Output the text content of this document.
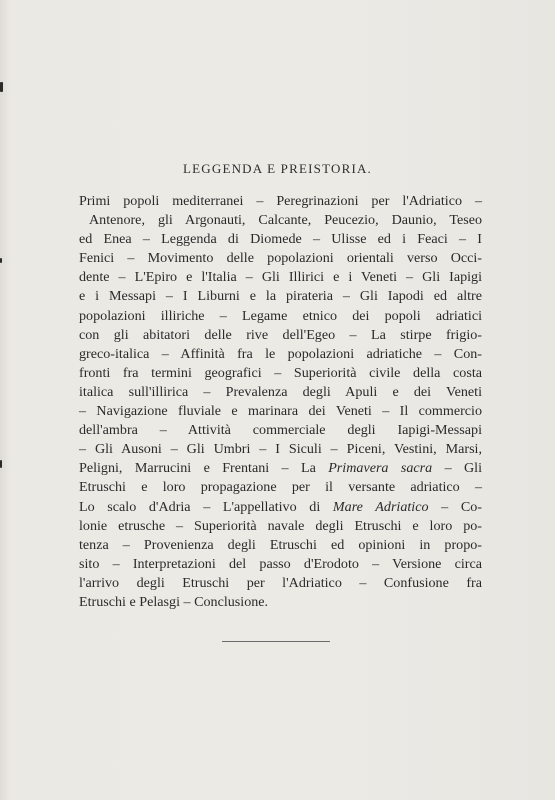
LEGGENDA E PREISTORIA.
Primi popoli mediterranei – Peregrinazioni per l'Adriatico –
Antenore, gli Argonauti, Calcante, Peucezio, Daunio, Teseo
ed Enea – Leggenda di Diomede – Ulisse ed i Feaci – I
Fenici – Movimento delle popolazioni orientali verso Occi-
dente – L'Epiro e l'Italia – Gli Illirici e i Veneti – Gli Iapigi
e i Messapi – I Liburni e la pirateria – Gli Iapodi ed altre
popolazioni illiriche – Legame etnico dei popoli adriatici
con gli abitatori delle rive dell'Egeo – La stirpe frigio-
greco-italica – Affinità fra le popolazioni adriatiche – Con-
fronti fra termini geografici – Superiorità civile della costa
italica sull'illirica – Prevalenza degli Apuli e dei Veneti
– Navigazione fluviale e marinara dei Veneti – Il commercio
dell'ambra – Attività commerciale degli Iapigi-Messapi
– Gli Ausoni – Gli Umbri – I Siculi – Piceni, Vestini, Marsi,
Peligni, Marrucini e Frentani – La Primavera sacra – Gli
Etruschi e loro propagazione per il versante adriatico –
Lo scalo d'Adria – L'appellativo di Mare Adriatico – Co-
lonie etrusche – Superiorità navale degli Etruschi e loro po-
tenza – Provenienza degli Etruschi ed opinioni in propo-
sito – Interpretazioni del passo d'Erodoto – Versione circa
l'arrivo degli Etruschi per l'Adriatico – Confusione fra
Etruschi e Pelasgi – Conclusione.
